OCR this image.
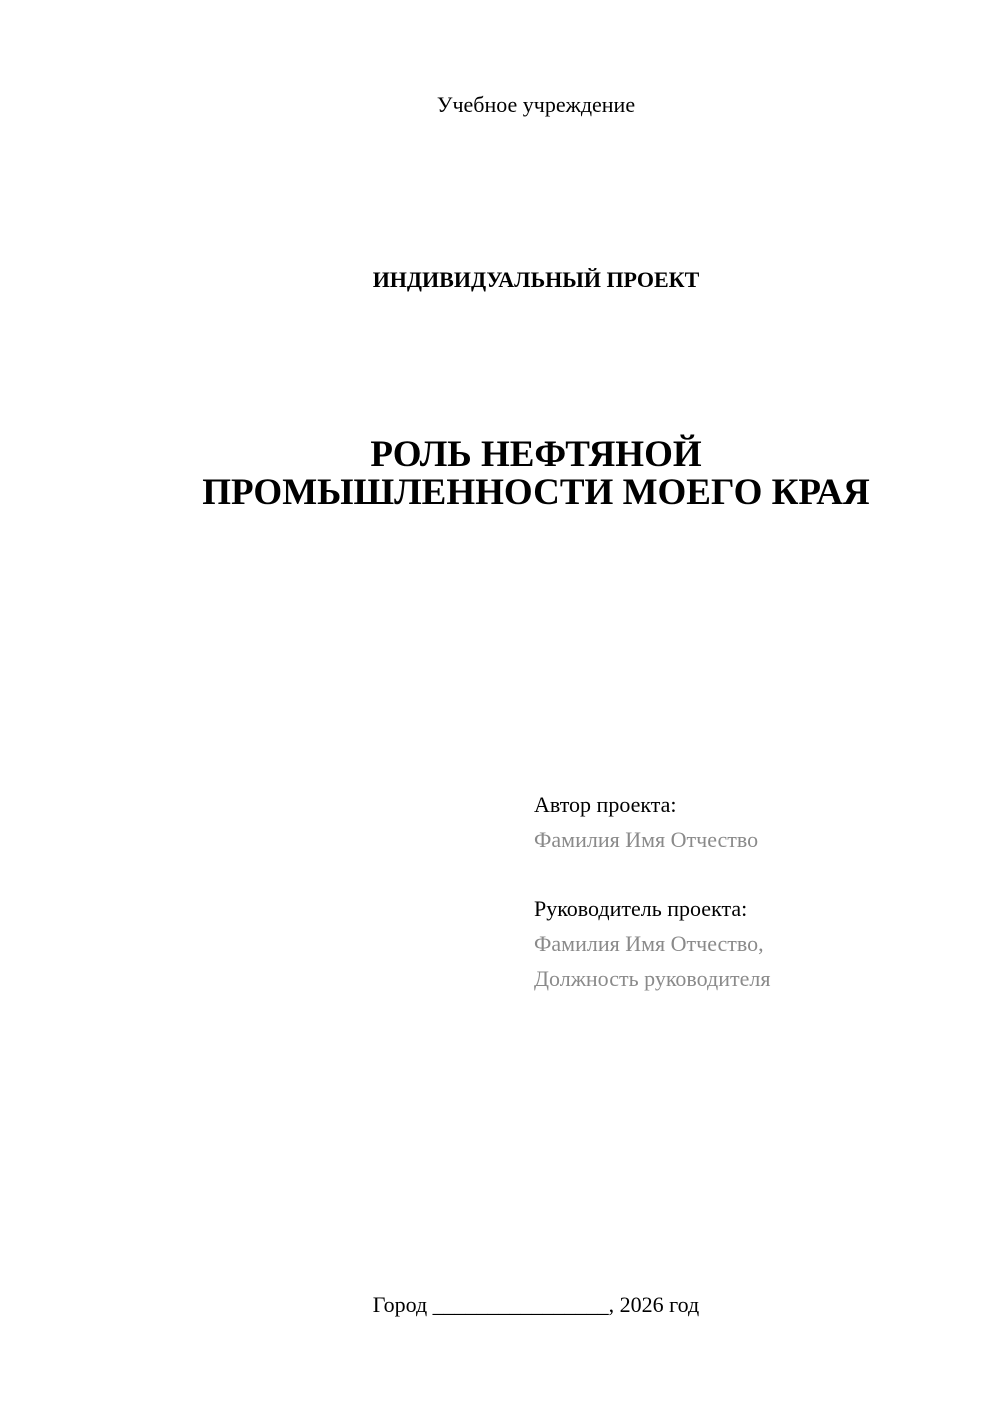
Учебное учреждение
ИНДИВИДУАЛЬНЫЙ ПРОЕКТ
РОЛЬ НЕФТЯНОЙ
ПРОМЫШЛЕННОСТИ МОЕГО КРАЯ
Автор проекта:
Фамилия Имя Отчество
Руководитель проекта:
Фамилия Имя Отчество,
Должность руководителя
Город ________________, 2026 год
